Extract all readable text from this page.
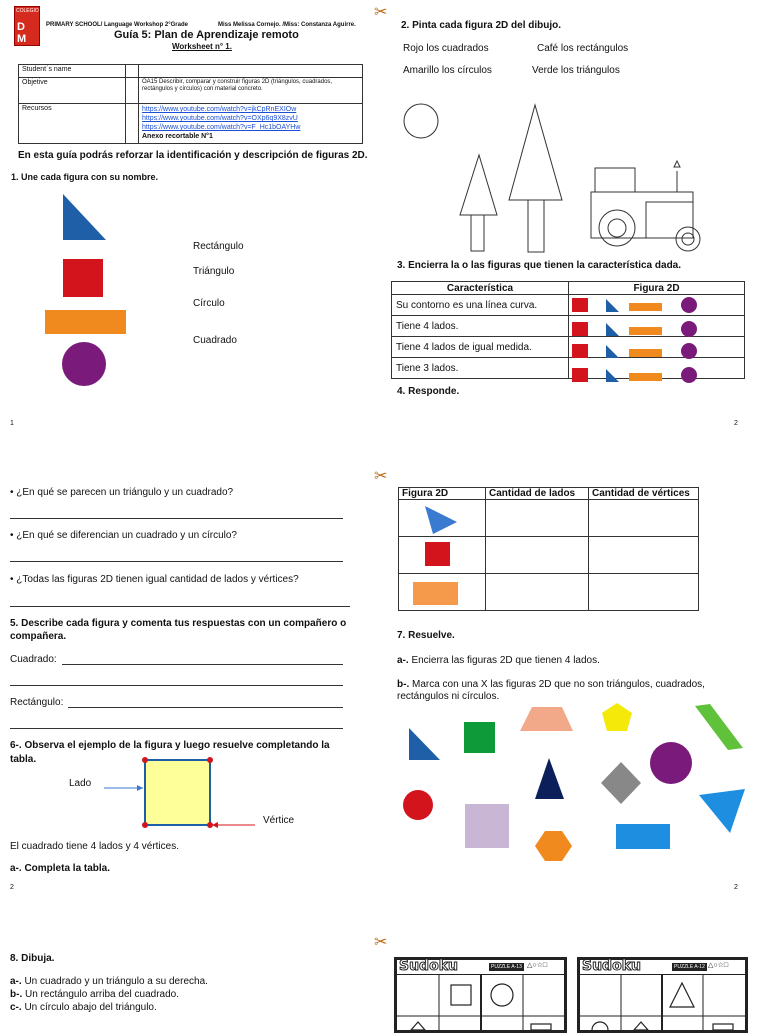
COLEGIO
D M
PRIMARY SCHOOL/ Language Workshop 2°Grade	Miss Melissa Cornejo. /Miss: Constanza Aguirre.
Guía 5: Plan de Aprendizaje remoto
Worksheet n° 1.
Student´s name		
Objetive		OA15 Describir, comparar y construir figuras 2D (triángulos, cuadrados, rectángulos y círculos) con material concreto.
Recursos		https://www.youtube.com/watch?v=jkCpRnEXIOw
https://www.youtube.com/watch?v=OXp6q9X8zvU
https://www.youtube.com/watch?v=F_Hc1bOAYHw
Anexo recortable N°1
En esta guía podrás reforzar la identificación y descripción de figuras 2D.
1. Une cada figura con su nombre.
Rectángulo
Triángulo
Círculo
Cuadrado
1
✂
2. Pinta cada figura 2D del dibujo.
Rojo los cuadrados	Café los rectángulos
Amarillo los círculos	Verde los triángulos
3. Encierra la o las figuras que tienen la característica dada.
Característica	Figura 2D
Su contorno es una línea curva.	
Tiene 4 lados.	
Tiene 4 lados de igual medida.	
Tiene 3 lados.	
4. Responde.
2
• ¿En qué se parecen un triángulo y un cuadrado?
• ¿En qué se diferencian un cuadrado y un círculo?
• ¿Todas las figuras 2D tienen igual cantidad de lados y vértices?
5. Describe cada figura y comenta tus respuestas con un compañero o
compañera.
Cuadrado:
Rectángulo:
6-. Observa el ejemplo de la figura y luego resuelve completando la
tabla.
Lado
Vértice
El cuadrado tiene 4 lados y 4 vértices.
a-. Completa la tabla.
2
✂
Figura 2D	Cantidad de lados	Cantidad de vértices

7. Resuelve.
a-. Encierra las figuras 2D que tienen 4 lados.
b-. Marca con una X las figuras 2D que no son triángulos, cuadrados,
rectángulos ni círculos.
2
8. Dibuja.
a-. Un cuadrado y un triángulo a su derecha.
b-. Un rectángulo arriba del cuadrado.
c-. Un círculo abajo del triángulo.
✂
Sudoku	PUZZLE A-13 △○☆□ Sudoku	PUZZLE A-12 △○☆□
